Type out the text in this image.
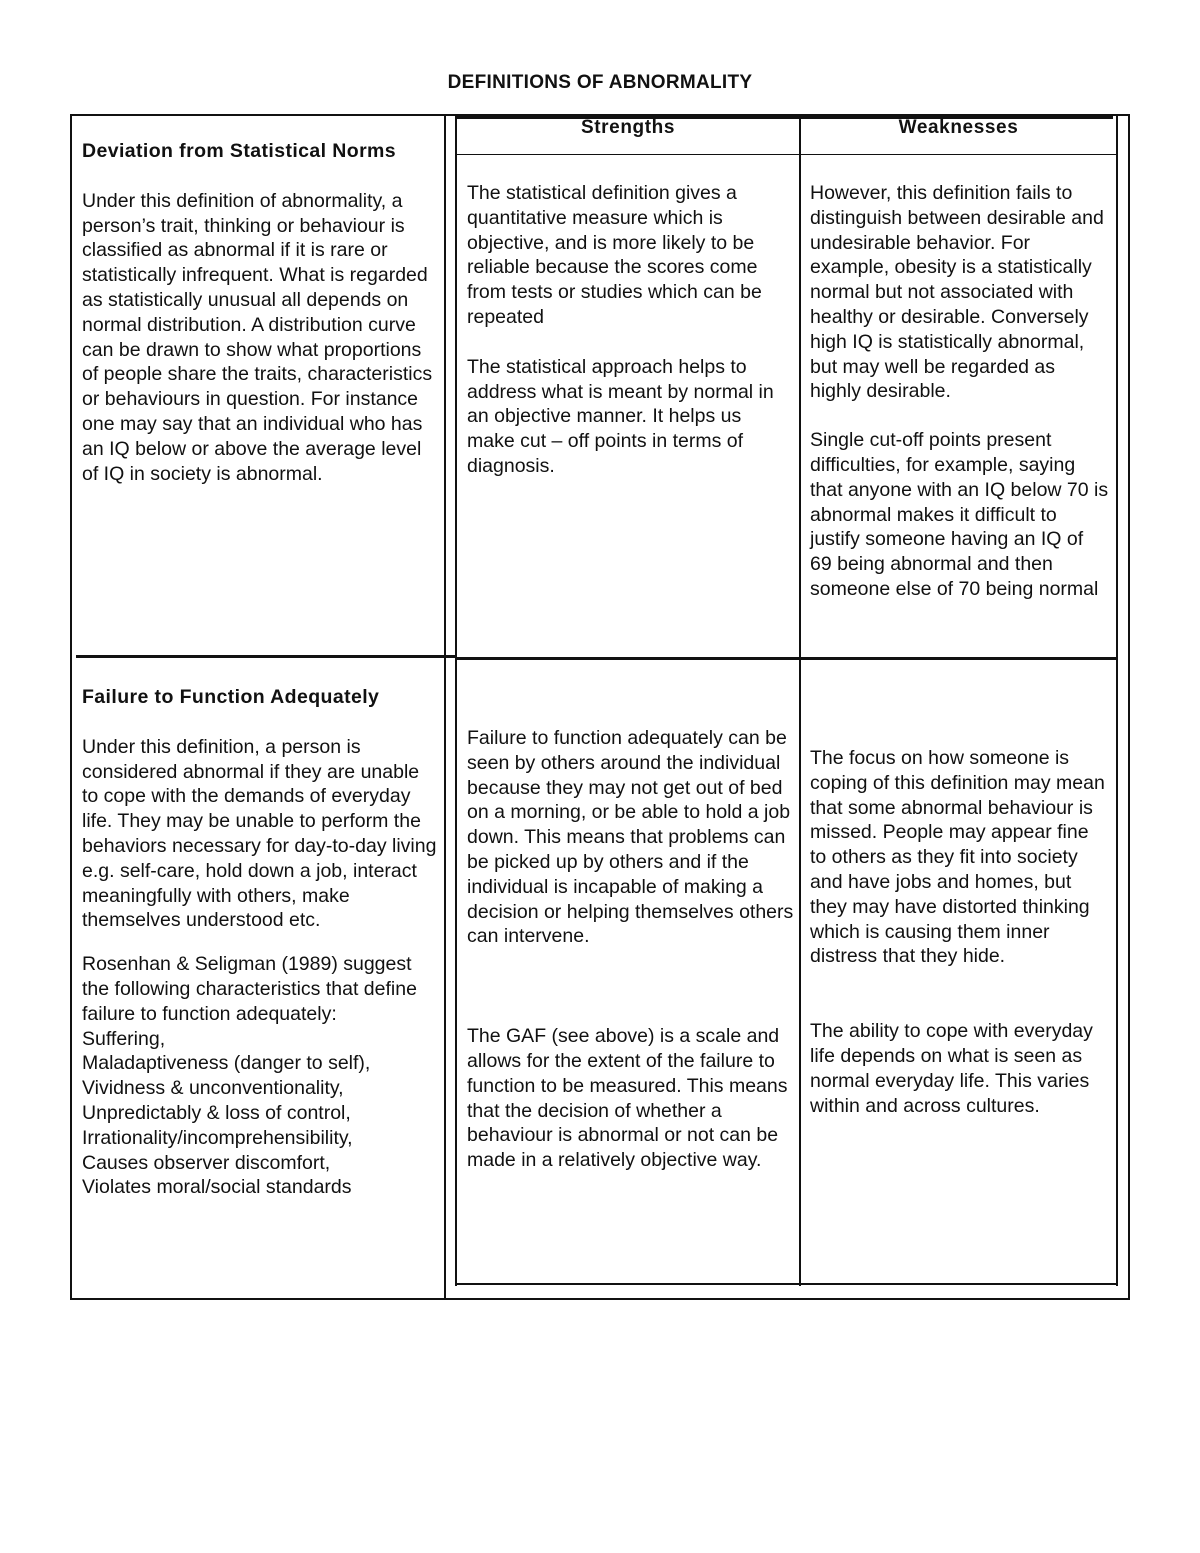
DEFINITIONS OF ABNORMALITY
Strengths	Weaknesses

Deviation from Statistical Norms

Under this definition of abnormality, a person’s trait, thinking or behaviour is classified as abnormal if it is rare or statistically infrequent. What is regarded as statistically unusual all depends on normal distribution. A distribution curve can be drawn to show what proportions of people share the traits, characteristics or behaviours in question. For instance one may say that an individual who has an IQ below or above the average level of IQ in society is abnormal.

The statistical definition gives a quantitative measure which is objective, and is more likely to be reliable because the scores come from tests or studies which can be repeated

The statistical approach helps to address what is meant by normal in an objective manner. It helps us make cut – off points in terms of diagnosis.

However, this definition fails to distinguish between desirable and undesirable behavior. For example, obesity is a statistically normal but not associated with healthy or desirable. Conversely high IQ is statistically abnormal, but may well be regarded as highly desirable.

Single cut-off points present difficulties, for example, saying that anyone with an IQ below 70 is abnormal makes it difficult to justify someone having an IQ of 69 being abnormal and then someone else of 70 being normal

Failure to Function Adequately

Under this definition, a person is considered abnormal if they are unable to cope with the demands of everyday life. They may be unable to perform the behaviors necessary for day-to-day living e.g. self-care, hold down a job, interact meaningfully with others, make themselves understood etc.

Rosenhan & Seligman (1989) suggest the following characteristics that define failure to function adequately:

Suffering,
Maladaptiveness (danger to self),
Vividness & unconventionality,
Unpredictably & loss of control,
Irrationality/incomprehensibility,
Causes observer discomfort,
Violates moral/social standards

Failure to function adequately can be seen by others around the individual because they may not get out of bed on a morning, or be able to hold a job down. This means that problems can be picked up by others and if the individual is incapable of making a decision or helping themselves others can intervene.

The GAF (see above) is a scale and allows for the extent of the failure to function to be measured. This means that the decision of whether a behaviour is abnormal or not can be made in a relatively objective way.

The focus on how someone is coping of this definition may mean that some abnormal behaviour is missed. People may appear fine to others as they fit into society and have jobs and homes, but they may have distorted thinking which is causing them inner distress that they hide.

The ability to cope with everyday life depends on what is seen as normal everyday life. This varies within and across cultures.
